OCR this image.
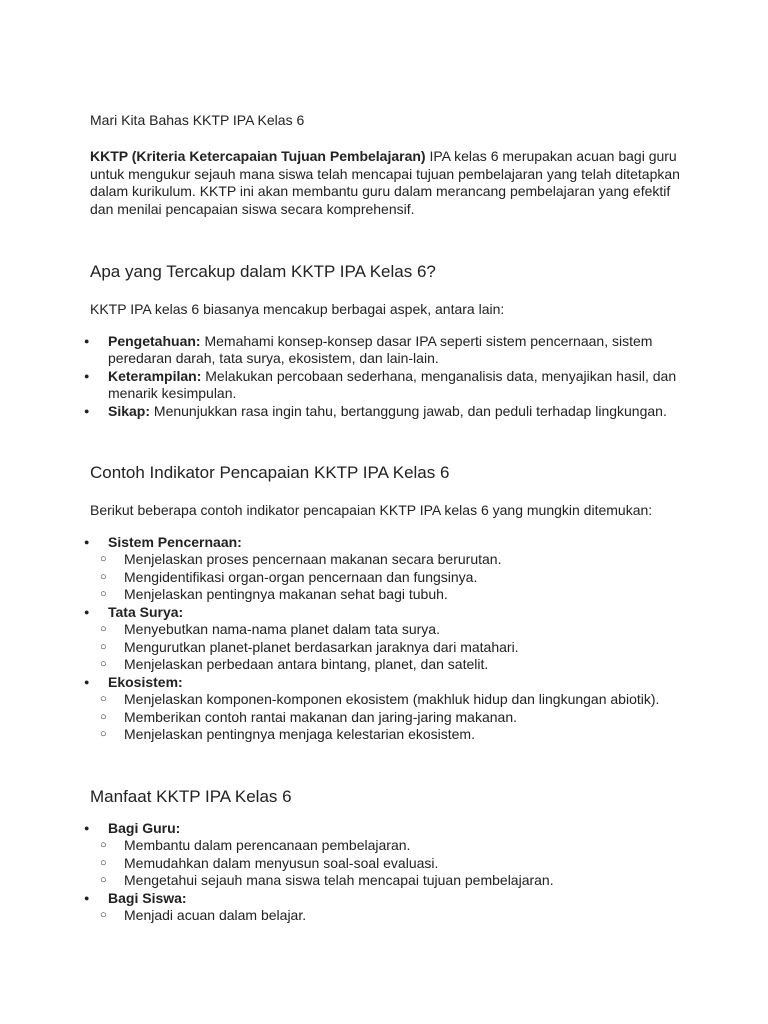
Mari Kita Bahas KKTP IPA Kelas 6

KKTP (Kriteria Ketercapaian Tujuan Pembelajaran) IPA kelas 6 merupakan acuan bagi guru untuk mengukur sejauh mana siswa telah mencapai tujuan pembelajaran yang telah ditetapkan dalam kurikulum. KKTP ini akan membantu guru dalam merancang pembelajaran yang efektif dan menilai pencapaian siswa secara komprehensif.

Apa yang Tercakup dalam KKTP IPA Kelas 6?

KKTP IPA kelas 6 biasanya mencakup berbagai aspek, antara lain:

● Pengetahuan: Memahami konsep-konsep dasar IPA seperti sistem pencernaan, sistem peredaran darah, tata surya, ekosistem, dan lain-lain.
● Keterampilan: Melakukan percobaan sederhana, menganalisis data, menyajikan hasil, dan menarik kesimpulan.
● Sikap: Menunjukkan rasa ingin tahu, bertanggung jawab, dan peduli terhadap lingkungan.
Contoh Indikator Pencapaian KKTP IPA Kelas 6

Berikut beberapa contoh indikator pencapaian KKTP IPA kelas 6 yang mungkin ditemukan:

● Sistem Pencernaan:
○ Menjelaskan proses pencernaan makanan secara berurutan.
○ Mengidentifikasi organ-organ pencernaan dan fungsinya.
○ Menjelaskan pentingnya makanan sehat bagi tubuh.
● Tata Surya:
○ Menyebutkan nama-nama planet dalam tata surya.
○ Mengurutkan planet-planet berdasarkan jaraknya dari matahari.
○ Menjelaskan perbedaan antara bintang, planet, dan satelit.
● Ekosistem:
○ Menjelaskan komponen-komponen ekosistem (makhluk hidup dan lingkungan abiotik).
○ Memberikan contoh rantai makanan dan jaring-jaring makanan.
○ Menjelaskan pentingnya menjaga kelestarian ekosistem.
Manfaat KKTP IPA Kelas 6
● Bagi Guru:
○ Membantu dalam perencanaan pembelajaran.
○ Memudahkan dalam menyusun soal-soal evaluasi.
○ Mengetahui sejauh mana siswa telah mencapai tujuan pembelajaran.
● Bagi Siswa:
○ Menjadi acuan dalam belajar.
